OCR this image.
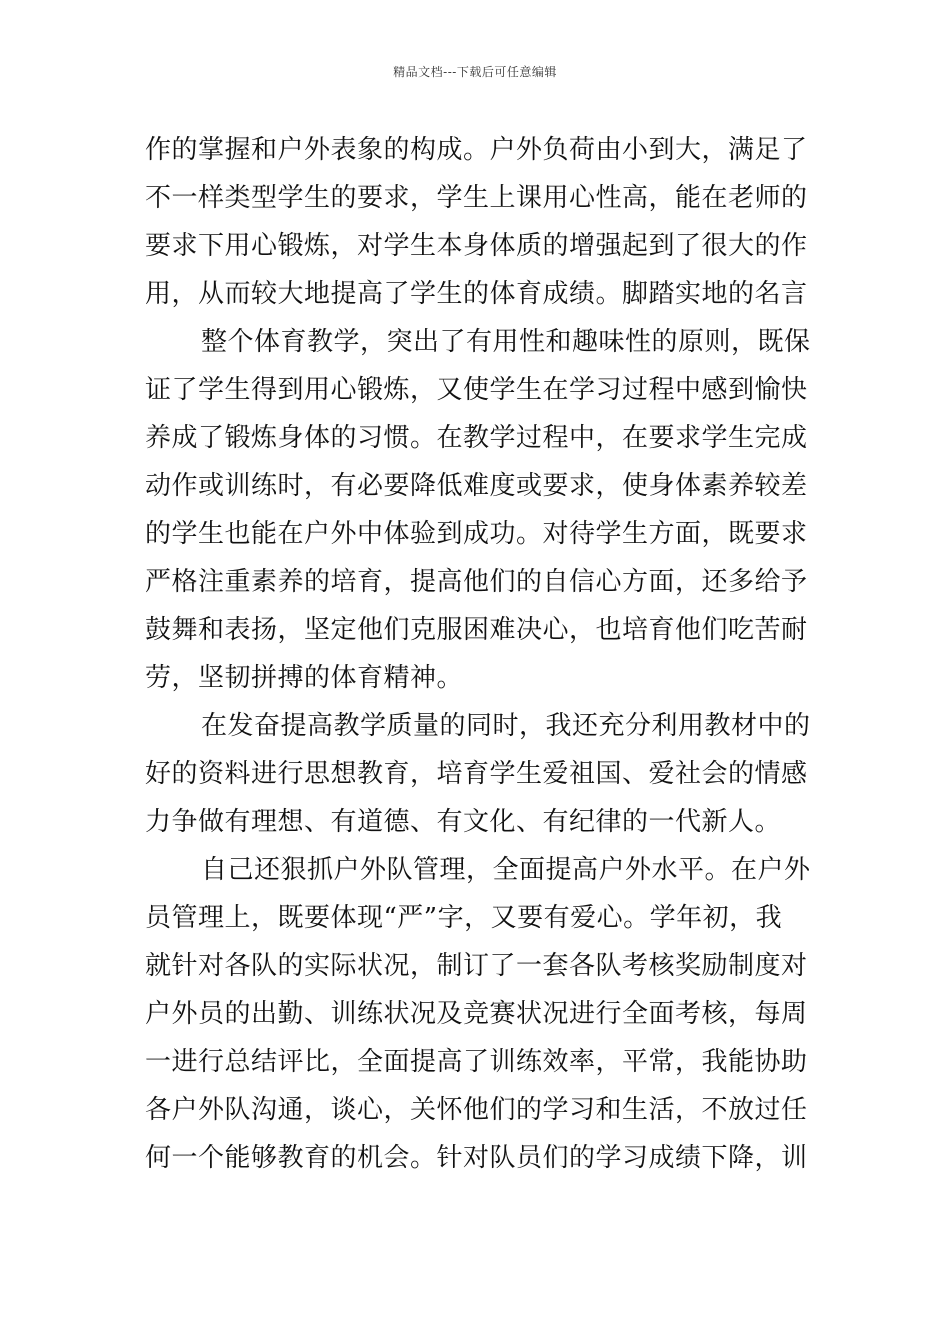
精品文档---下载后可任意编辑
作的掌握和户外表象的构成。户外负荷由小到大，满足了
不一样类型学生的要求，学生上课用心性高，能在老师的
要求下用心锻炼，对学生本身体质的增强起到了很大的作
用，从而较大地提高了学生的体育成绩。脚踏实地的名言
整个体育教学，突出了有用性和趣味性的原则，既保
证了学生得到用心锻炼，又使学生在学习过程中感到愉快
养成了锻炼身体的习惯。在教学过程中，在要求学生完成
动作或训练时，有必要降低难度或要求，使身体素养较差
的学生也能在户外中体验到成功。对待学生方面，既要求
严格注重素养的培育，提高他们的自信心方面，还多给予
鼓舞和表扬，坚定他们克服困难决心，也培育他们吃苦耐
劳，坚韧拼搏的体育精神。
在发奋提高教学质量的同时，我还充分利用教材中的
好的资料进行思想教育，培育学生爱祖国、爱社会的情感
力争做有理想、有道德、有文化、有纪律的一代新人。
自己还狠抓户外队管理，全面提高户外水平。在户外
员管理上，既要体现“严”字，又要有爱心。学年初，我
就针对各队的实际状况，制订了一套各队考核奖励制度对
户外员的出勤、训练状况及竞赛状况进行全面考核，每周
一进行总结评比，全面提高了训练效率，平常，我能协助
各户外队沟通，谈心，关怀他们的学习和生活，不放过任
何一个能够教育的机会。针对队员们的学习成绩下降，训
